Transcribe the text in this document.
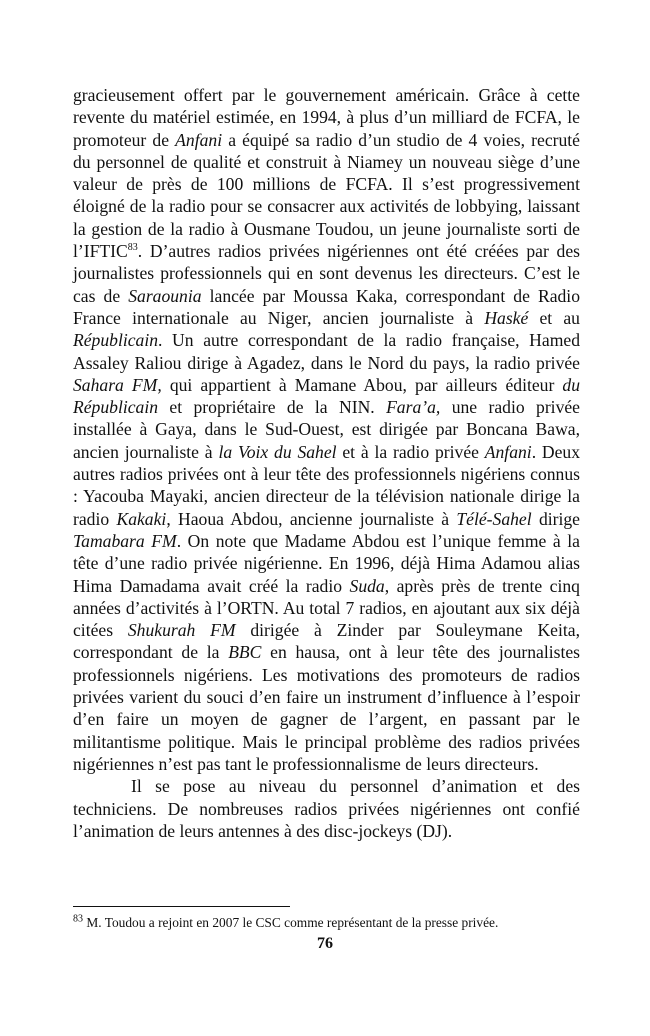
gracieusement offert par le gouvernement américain. Grâce à cette revente du matériel estimée, en 1994, à plus d’un milliard de FCFA, le promoteur de Anfani a équipé sa radio d’un studio de 4 voies, recruté du personnel de qualité et construit à Niamey un nouveau siège d’une valeur de près de 100 millions de FCFA. Il s’est progressivement éloigné de la radio pour se consacrer aux activités de lobbying, laissant la gestion de la radio à Ousmane Toudou, un jeune journaliste sorti de l’IFTIC$^{83}$. D’autres radios privées nigériennes ont été créées par des journalistes professionnels qui en sont devenus les directeurs. C’est le cas de Saraounia lancée par Moussa Kaka, correspondant de Radio France internationale au Niger, ancien journaliste à Haské et au Républicain. Un autre correspondant de la radio française, Hamed Assaley Raliou dirige à Agadez, dans le Nord du pays, la radio privée Sahara FM, qui appartient à Mamane Abou, par ailleurs éditeur du Républicain et propriétaire de la NIN. Fara’a, une radio privée installée à Gaya, dans le Sud-Ouest, est dirigée par Boncana Bawa, ancien journaliste à la Voix du Sahel et à la radio privée Anfani. Deux autres radios privées ont à leur tête des professionnels nigériens connus : Yacouba Mayaki, ancien directeur de la télévision nationale dirige la radio Kakaki, Haoua Abdou, ancienne journaliste à Télé-Sahel dirige Tamabara FM. On note que Madame Abdou est l’unique femme à la tête d’une radio privée nigérienne. En 1996, déjà Hima Adamou alias Hima Damadama avait créé la radio Suda, après près de trente cinq années d’activités à l’ORTN. Au total 7 radios, en ajoutant aux six déjà citées Shukurah FM dirigée à Zinder par Souleymane Keita, correspondant de la BBC en hausa, ont à leur tête des journalistes professionnels nigériens. Les motivations des promoteurs de radios privées varient du souci d’en faire un instrument d’influence à l’espoir d’en faire un moyen de gagner de l’argent, en passant par le militantisme politique. Mais le principal problème des radios privées nigériennes n’est pas tant le professionnalisme de leurs directeurs.

Il se pose au niveau du personnel d’animation et des techniciens. De nombreuses radios privées nigériennes ont confié l’animation de leurs antennes à des disc-jockeys (DJ).

$^{83}$ M. Toudou a rejoint en 2007 le CSC comme représentant de la presse privée.
76
